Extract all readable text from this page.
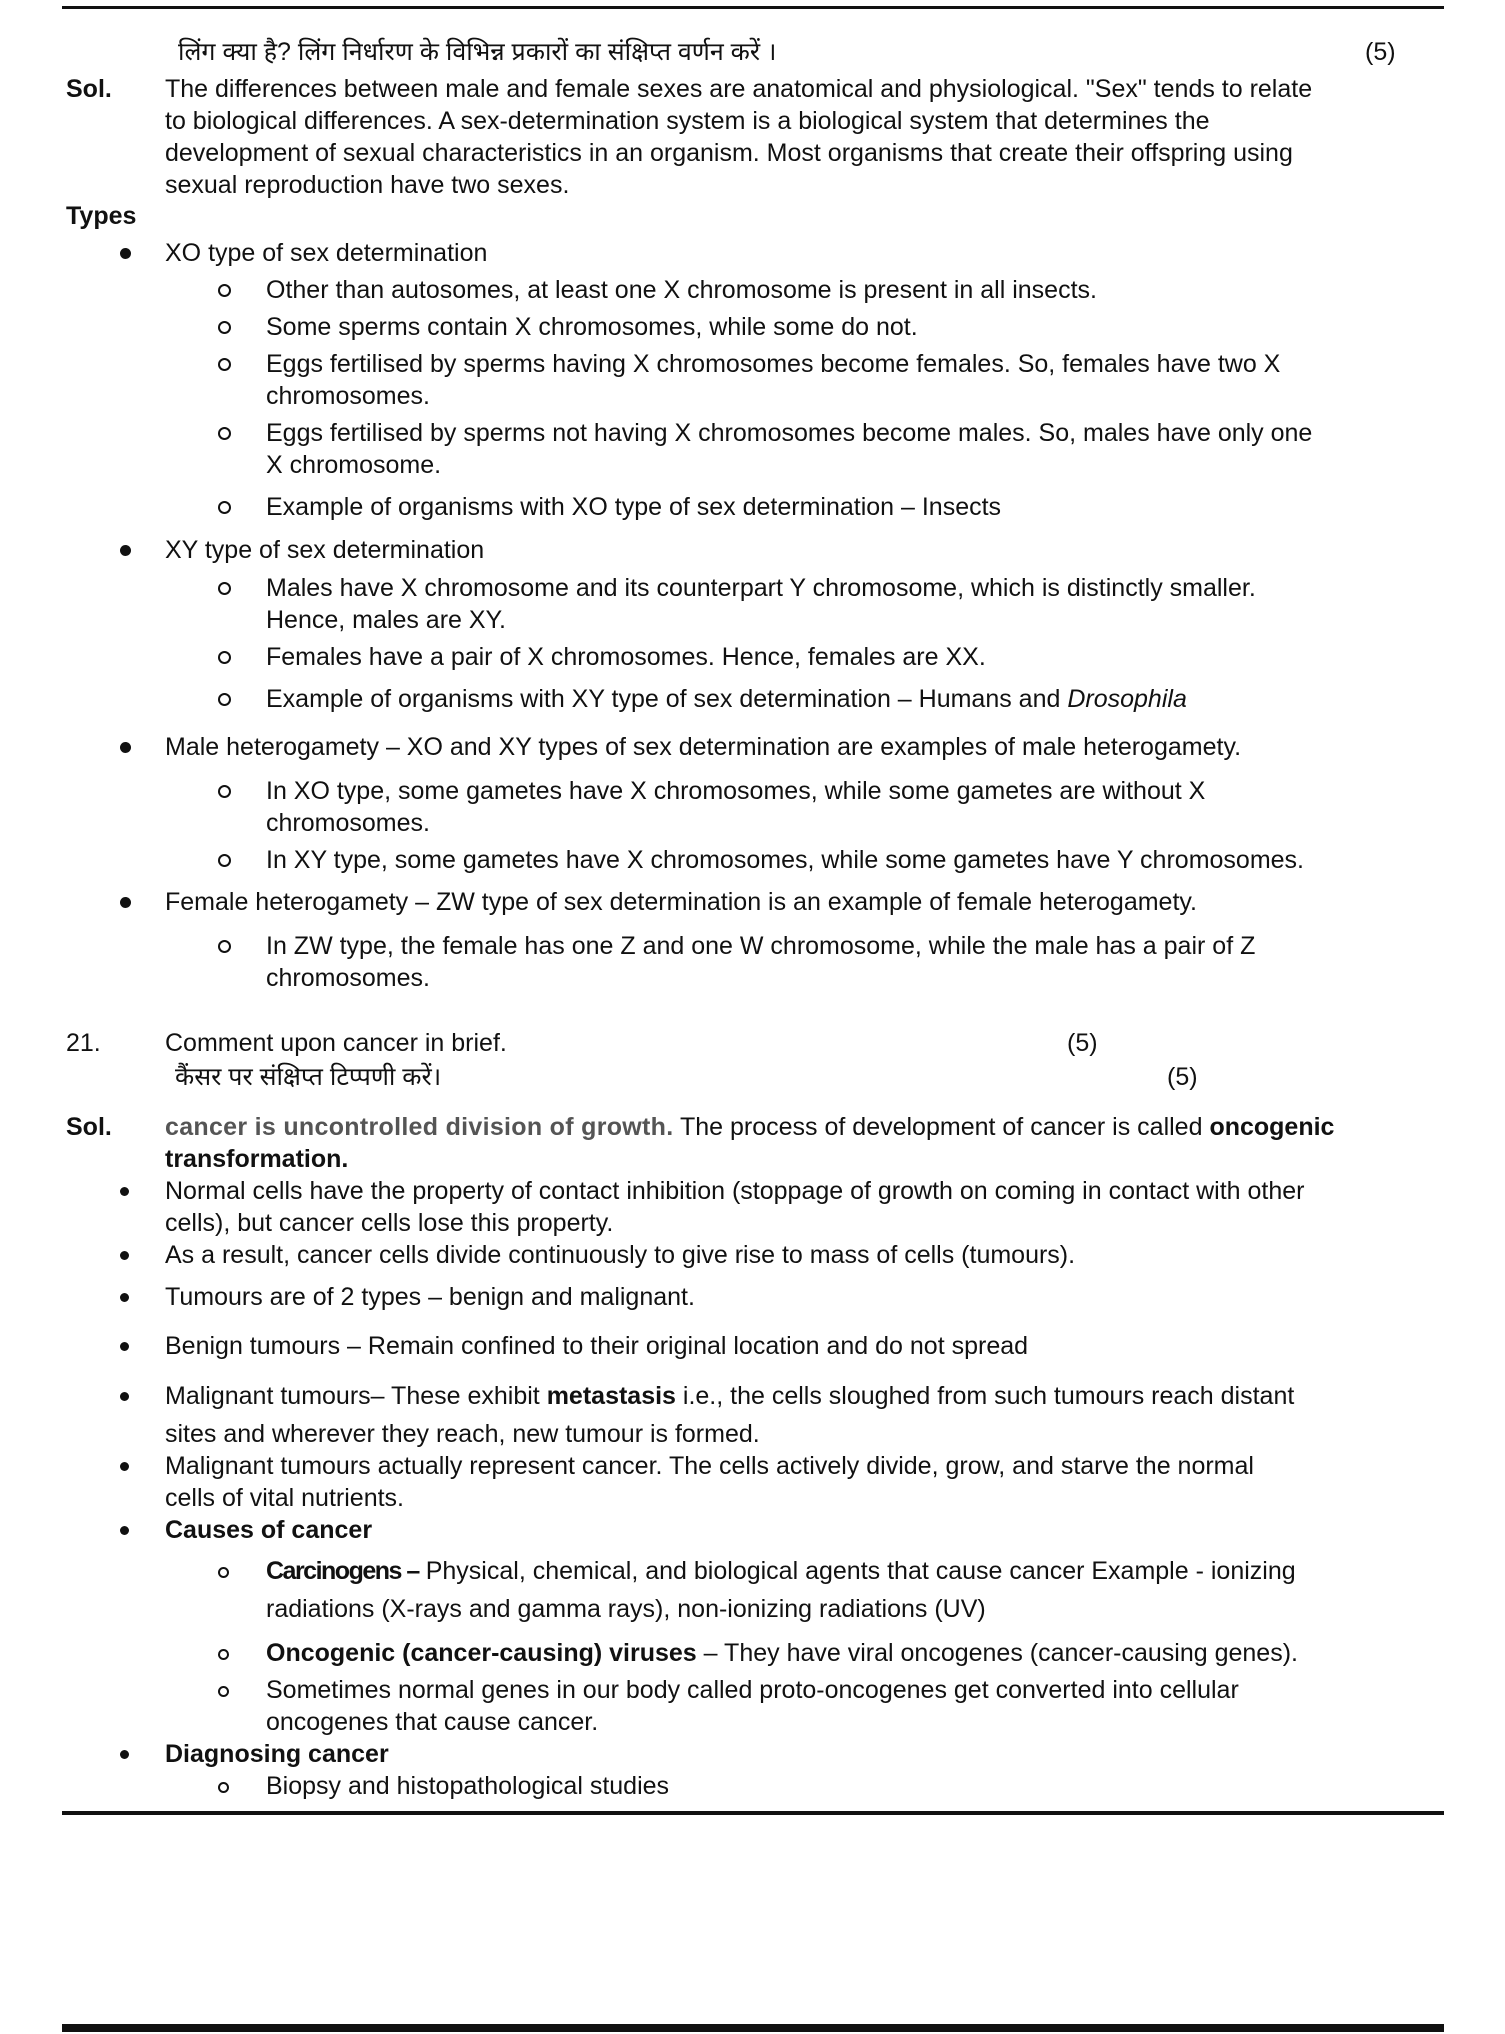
लिंग क्या है? लिंग निर्धारण के विभिन्न प्रकारों का संक्षिप्त वर्णन करें ।	(5)
Sol. The differences between male and female sexes are anatomical and physiological. "Sex" tends to relate
to biological differences. A sex-determination system is a biological system that determines the
development of sexual characteristics in an organism. Most organisms that create their offspring using
sexual reproduction have two sexes.
Types
XO type of sex determination
Other than autosomes, at least one X chromosome is present in all insects.
Some sperms contain X chromosomes, while some do not.
Eggs fertilised by sperms having X chromosomes become females. So, females have two X
chromosomes.
Eggs fertilised by sperms not having X chromosomes become males. So, males have only one
X chromosome.
Example of organisms with XO type of sex determination – Insects
XY type of sex determination
Males have X chromosome and its counterpart Y chromosome, which is distinctly smaller.
Hence, males are XY.
Females have a pair of X chromosomes. Hence, females are XX.
Example of organisms with XY type of sex determination – Humans and Drosophila
Male heterogamety – XO and XY types of sex determination are examples of male heterogamety.
In XO type, some gametes have X chromosomes, while some gametes are without X
chromosomes.
In XY type, some gametes have X chromosomes, while some gametes have Y chromosomes.
Female heterogamety – ZW type of sex determination is an example of female heterogamety.
In ZW type, the female has one Z and one W chromosome, while the male has a pair of Z
chromosomes.
21.	Comment upon cancer in brief.	(5)
कैंसर पर संक्षिप्त टिप्पणी करें।	(5)
Sol. cancer is uncontrolled division of growth. The process of development of cancer is called oncogenic
transformation.
Normal cells have the property of contact inhibition (stoppage of growth on coming in contact with other
cells), but cancer cells lose this property.
As a result, cancer cells divide continuously to give rise to mass of cells (tumours).
Tumours are of 2 types – benign and malignant.
Benign tumours – Remain confined to their original location and do not spread
Malignant tumours– These exhibit metastasis i.e., the cells sloughed from such tumours reach distant
sites and wherever they reach, new tumour is formed.
Malignant tumours actually represent cancer. The cells actively divide, grow, and starve the normal
cells of vital nutrients.
Causes of cancer
Carcinogens – Physical, chemical, and biological agents that cause cancer Example - ionizing
radiations (X-rays and gamma rays), non-ionizing radiations (UV)
Oncogenic (cancer-causing) viruses – They have viral oncogenes (cancer-causing genes).
Sometimes normal genes in our body called proto-oncogenes get converted into cellular
oncogenes that cause cancer.
Diagnosing cancer
Biopsy and histopathological studies
